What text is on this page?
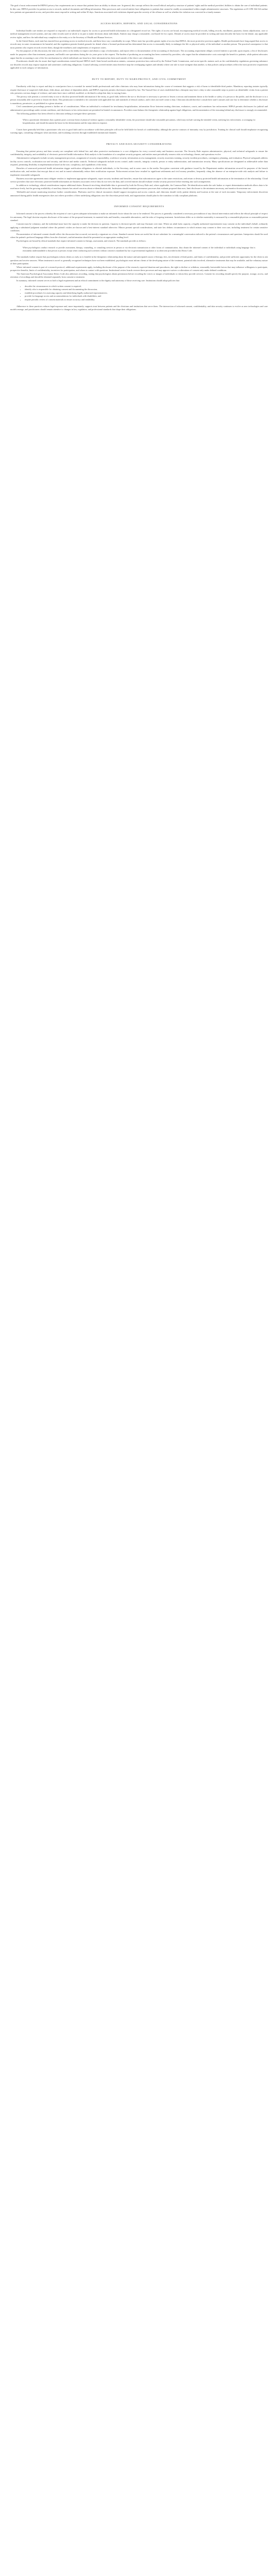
The goal of most enforcement-led HIPAA privacy-law requirements are to ensure that patients have an ability to obtain care. In general, this concept reflects the overall ethical and policy structure of patients' rights and the medical providers' abilities to obtain the care of individual patients. In this case, HIPAA provides for patient access to records, medical documents and billing information. Data processors and covered entities have obligations to patients that cannot be readily accommodated within simple administrative structures. The regulations at 45 CFR 164.524 outline how patients are guaranteed access, and providers must respond in writing and within 30 days. Sanctions associated with violations depend upon the severity of the offense as well as whether the violation was corrected in a timely manner.

ACCESS RIGHTS, REPORTS, AND LEGAL CONSIDERATIONS

Individual health care entities are required to respond to an individual's request for access to protected health information in a designated record set. The rights of access are broad, encompassing medical records, billing records, enrollment, payment, claims adjudication, case or medical management record systems, and any other records used in whole or in part to make decisions about individuals. Entities may charge a reasonable, cost-based fee for copies. Denials of access must be provided in writing and must describe the basis for the denial, any applicable review rights, and how the individual may complain to the entity or to the Secretary of Health and Human Services.

In the United States, each state has enacted laws governing access to medical records, and these laws vary considerably in scope. Where state law provides greater rights of access than HIPAA, the more protective provision applies. Health professionals have long argued that access to records may in some circumstances be harmful, and the regulation permits limited grounds for denial where a licensed professional has determined that access is reasonably likely to endanger the life or physical safety of the individual or another person. The practical consequence is that most patients who request records receive them, though the timeliness and completeness of responses varies.

For the purposes of this discussion, the term access refers to the ability to inspect and obtain a copy of information, and report refers to documentation of the accounting of disclosures. The accounting requirement obliges covered entities to provide, upon request, a list of disclosures made for purposes other than treatment, payment, and health care operations during the six years prior to the request. The burden of producing an accounting has been contested by providers, who argue that the administrative costs outweigh the benefit to patients, while patient advocates argue that the accounting is one of the few mechanisms by which individuals can learn how their information has been used outside of the direct care relationship.

Practitioners should also be aware that legal considerations extend beyond HIPAA itself. State breach notification statutes, consumer protection laws enforced by the Federal Trade Commission, and sector-specific statutes such as the confidentiality regulations governing substance use disorder records may impose separate and sometimes conflicting obligations. Counsel advising covered entities must therefore map the overlapping regimes and identify where one rule is more stringent than another, so that policies and procedures reflect the most protective requirement applicable to each category of information.

DUTY TO REPORT, DUTY TO WARN/PROTECT, AND CIVIL COMMITMENT

Familiarity with duty to report and duty to warn/protect laws is essential for mental health professionals and other clinicians who may learn information during the course of treatment that suggests a risk of harm to identifiable third parties. Mandatory reporting statutes typically require disclosure of suspected child abuse, elder abuse, and abuse of dependent adults, and HIPAA expressly permits disclosures required by law. The Tarasoff line of cases established that a therapist may have a duty to take reasonable steps to protect an identifiable victim from a patient who presents a serious danger of violence, and states have since codified, modified, or declined to adopt that duty in varying forms.

The privacy rule permits a covered entity to use or disclose protected health information if the entity, in good faith, believes the use or disclosure is necessary to prevent or lessen a serious and imminent threat to the health or safety of a person or the public, and the disclosure is to a person reasonably able to prevent or lessen the threat. This permission is intended to be consistent with applicable law and standards of ethical conduct, and it does not itself create a duty. Clinicians should therefore consult their state's statutes and case law to determine whether a disclosure is mandatory, permissive, or prohibited in a given situation.

Civil commitment proceedings present a further set of considerations. When an individual is evaluated for involuntary hospitalization, information flows between treating clinicians, evaluators, courts, and sometimes law enforcement. HIPAA permits disclosures for judicial and administrative proceedings under certain conditions, and disclosures to law enforcement are permitted in limited circumstances. Providers must balance the therapeutic relationship against legal obligations, and documentation of the reasoning behind any disclosure is strongly recommended.

The following guidance has been offered to clinicians seeking to navigate these questions:

When a practitioner determines that a patient poses a serious threat of physical violence against a reasonably identifiable victim, the practitioner should take reasonable precautions, which may include warning the intended victim, notifying law enforcement, or arranging for hospitalization, and should document the basis for the determination and the steps taken in response.

Courts have generally held that a practitioner who acts in good faith and in accordance with these principles will not be held liable for breach of confidentiality, although the precise contours of immunity vary by jurisdiction. Training for clinical staff should emphasize recognizing warning signs, consulting colleagues when uncertain, and escalating concerns through established institutional channels.

PRIVACY AND DATA SECURITY CONSIDERATIONS

Ensuring that patient privacy and data security are compliant with federal law and other protective mechanisms is a core obligation for every covered entity and business associate. The Security Rule requires administrative, physical, and technical safeguards to ensure the confidentiality, integrity, and availability of electronic protected health information. Risk analysis is the foundation of a compliant security program, and entities must periodically reassess risks as technology, threats, and operations evolve.

Administrative safeguards include security management processes, assignment of security responsibility, workforce security, information access management, security awareness training, security incident procedures, contingency planning, and evaluation. Physical safeguards address facility access controls, workstation use and security, and device and media controls. Technical safeguards include access control, audit controls, integrity controls, person or entity authentication, and transmission security. Many specifications are designated as addressable rather than required, permitting flexibility in implementation based on the size, complexity, and capabilities of the entity.

Breaches of unsecured protected health information trigger notification obligations to affected individuals, to the Secretary, and in some cases to the media. Encryption consistent with guidance issued by the Department renders information secured for purposes of the breach notification rule, and entities that encrypt data at rest and in transit substantially reduce their notification exposure. Enforcement actions have resulted in significant settlements and civil money penalties, frequently citing the absence of an enterprise-wide risk analysis and failure to implement reasonable safeguards.

Business associate agreements must obligate vendors to implement appropriate safeguards, report security incidents and breaches, ensure that subcontractors agree to the same restrictions, and return or destroy protected health information at the termination of the relationship. Cloud service providers that store electronic protected health information are business associates even if they do not view the data, and covered entities should evaluate vendor security practices before entering into such arrangements.

In addition to technology, ethical considerations impose additional duties. Research involving identifiable data is governed by both the Privacy Rule and, where applicable, the Common Rule. De-identification under the safe harbor or expert determination methods allows data to be used more freely, but the growing availability of auxiliary datasets has raised concerns about re-identification risk. Institutions should maintain governance processes that evaluate proposed data uses, limit disclosure to the minimum necessary, and monitor downstream use.

Telehealth and remote monitoring introduce further considerations. Platforms used for clinical encounters should support encryption and access controls, and clinicians should verify patient identity and location at the start of each encounter. Temporary enforcement discretion announced during public health emergencies does not relieve providers of their underlying obligations once the discretion period ends, and organizations should plan for the transition to fully compliant platforms.

INFORMED CONSENT REQUIREMENTS

Informed consent is the process whereby the recipient of care is given adequate information to make an informed choice about the care to be rendered. The process is generally considered a necessary precondition of any clinical intervention and reflects the ethical principle of respect for autonomy. The legal doctrine requires disclosure of the nature of the proposed treatment, its material risks and benefits, reasonable alternatives, and the risks of forgoing treatment. Jurisdictions differ as to whether materiality is measured by a reasonable-physician or reasonable-patient standard.

Consent must be voluntary, and the individual must have the capacity to make the decision in question. Capacity is decision-specific and may fluctuate over time. Where an adult lacks capacity, a legally authorized representative may consent on the individual's behalf, ordinarily applying a substituted judgment standard where the patient's wishes are known and a best-interest standard otherwise. Minors present special considerations, and state law defines circumstances in which minors may consent to their own care, including treatment for certain sensitive conditions.

Documentation of informed consent should reflect the discussion that occurred, not merely a signature on a form. Standard consent forms are useful but do not substitute for a meaningful conversation tailored to the patient's circumstances and questions. Interpreters should be used when the patient's preferred language differs from the clinician's, and information should be presented at an appropriate reading level.

Psychologists are bound by ethical standards that require informed consent to therapy, assessment, and research. The standards provide as follows:

When psychologists conduct research or provide assessment, therapy, counseling, or consulting services in person or via electronic transmission or other forms of communication, they obtain the informed consent of the individual or individuals using language that is reasonably understandable to that person or persons except when conducting such activities without consent is mandated by law or governmental regulation or as otherwise provided in this Ethics Code.

The standards further require that psychologists inform clients as early as is feasible in the therapeutic relationship about the nature and anticipated course of therapy, fees, involvement of third parties, and limits of confidentiality, and provide sufficient opportunity for the client to ask questions and receive answers. When treatment is novel or generally recognized techniques have not been established, psychologists must inform clients of the developing nature of the treatment, potential risks involved, alternative treatments that may be available, and the voluntary nature of their participation.

Where informed consent is part of a research protocol, additional requirements apply, including disclosure of the purpose of the research, expected duration and procedures, the right to decline or withdraw, reasonably foreseeable factors that may influence willingness to participate, prospective benefits, limits of confidentiality, incentives for participation, and whom to contact with questions. Institutional review boards oversee these processes and may approve waivers or alterations of consent only under defined conditions.

The American Psychological Association Ethics Code also addresses recording, stating that psychologists obtain permission before recording the voices or images of individuals to whom they provide services. Consent for recording should specify the purpose, storage, access, and retention of recordings and should be obtained separately from consent to treatment.

In summary, informed consent serves as both a legal requirement and an ethical commitment to the dignity and autonomy of those receiving care. Institutions should adopt policies that:

• describe the circumstances in which written consent is required;
• identify who is responsible for obtaining consent and documenting the discussion;
• establish procedures for assessing capacity and identifying legally authorized representatives;
• provide for language access and accommodations for individuals with disabilities; and
• require periodic review of consent materials to ensure accuracy and readability.

Adherence to these practices reduces legal exposure and, more importantly, supports trust between patients and the clinicians and institutions that serve them. The intersection of informed consent, confidentiality, and data security continues to evolve as new technologies and care models emerge, and practitioners should remain attentive to changes in law, regulation, and professional standards that shape their obligations.
